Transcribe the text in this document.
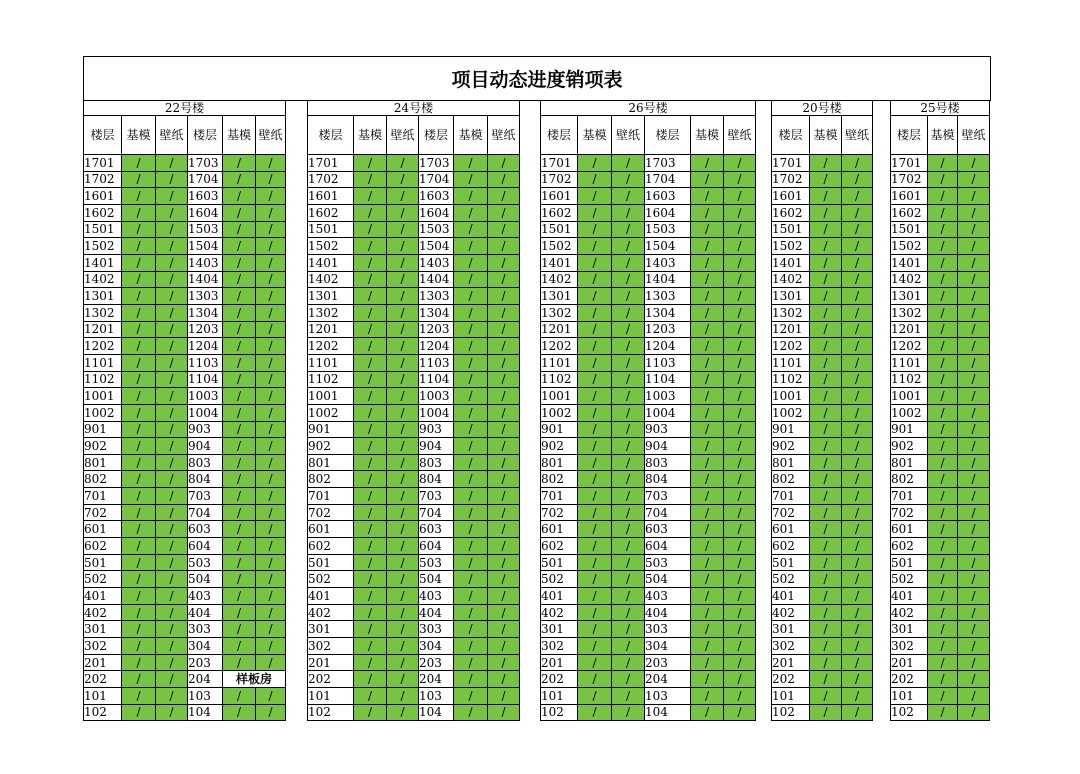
项目动态进度销项表
22号楼					
楼层	基模	壁纸	楼层	基模	壁纸
1701	/	/	1703	/	/
1702	/	/	1704	/	/
1601	/	/	1603	/	/
1602	/	/	1604	/	/
1501	/	/	1503	/	/
1502	/	/	1504	/	/
1401	/	/	1403	/	/
1402	/	/	1404	/	/
1301	/	/	1303	/	/
1302	/	/	1304	/	/
1201	/	/	1203	/	/
1202	/	/	1204	/	/
1101	/	/	1103	/	/
1102	/	/	1104	/	/
1001	/	/	1003	/	/
1002	/	/	1004	/	/
901	/	/	903	/	/
902	/	/	904	/	/
801	/	/	803	/	/
802	/	/	804	/	/
701	/	/	703	/	/
702	/	/	704	/	/
601	/	/	603	/	/
602	/	/	604	/	/
501	/	/	503	/	/
502	/	/	504	/	/
401	/	/	403	/	/
402	/	/	404	/	/
301	/	/	303	/	/
302	/	/	304	/	/
201	/	/	203	/	/
202	/	/	204	样板房	
101	/	/	103	/	/
102	/	/	104	/	/
24号楼					
楼层	基模	壁纸	楼层	基模	壁纸
1701	/	/	1703	/	/
1702	/	/	1704	/	/
1601	/	/	1603	/	/
1602	/	/	1604	/	/
1501	/	/	1503	/	/
1502	/	/	1504	/	/
1401	/	/	1403	/	/
1402	/	/	1404	/	/
1301	/	/	1303	/	/
1302	/	/	1304	/	/
1201	/	/	1203	/	/
1202	/	/	1204	/	/
1101	/	/	1103	/	/
1102	/	/	1104	/	/
1001	/	/	1003	/	/
1002	/	/	1004	/	/
901	/	/	903	/	/
902	/	/	904	/	/
801	/	/	803	/	/
802	/	/	804	/	/
701	/	/	703	/	/
702	/	/	704	/	/
601	/	/	603	/	/
602	/	/	604	/	/
501	/	/	503	/	/
502	/	/	504	/	/
401	/	/	403	/	/
402	/	/	404	/	/
301	/	/	303	/	/
302	/	/	304	/	/
201	/	/	203	/	/
202	/	/	204	/	/
101	/	/	103	/	/
102	/	/	104	/	/
26号楼					
楼层	基模	壁纸	楼层	基模	壁纸
1701	/	/	1703	/	/
1702	/	/	1704	/	/
1601	/	/	1603	/	/
1602	/	/	1604	/	/
1501	/	/	1503	/	/
1502	/	/	1504	/	/
1401	/	/	1403	/	/
1402	/	/	1404	/	/
1301	/	/	1303	/	/
1302	/	/	1304	/	/
1201	/	/	1203	/	/
1202	/	/	1204	/	/
1101	/	/	1103	/	/
1102	/	/	1104	/	/
1001	/	/	1003	/	/
1002	/	/	1004	/	/
901	/	/	903	/	/
902	/	/	904	/	/
801	/	/	803	/	/
802	/	/	804	/	/
701	/	/	703	/	/
702	/	/	704	/	/
601	/	/	603	/	/
602	/	/	604	/	/
501	/	/	503	/	/
502	/	/	504	/	/
401	/	/	403	/	/
402	/	/	404	/	/
301	/	/	303	/	/
302	/	/	304	/	/
201	/	/	203	/	/
202	/	/	204	/	/
101	/	/	103	/	/
102	/	/	104	/	/
20号楼		
楼层	基模	壁纸
1701	/	/
1702	/	/
1601	/	/
1602	/	/
1501	/	/
1502	/	/
1401	/	/
1402	/	/
1301	/	/
1302	/	/
1201	/	/
1202	/	/
1101	/	/
1102	/	/
1001	/	/
1002	/	/
901	/	/
902	/	/
801	/	/
802	/	/
701	/	/
702	/	/
601	/	/
602	/	/
501	/	/
502	/	/
401	/	/
402	/	/
301	/	/
302	/	/
201	/	/
202	/	/
101	/	/
102	/	/
25号楼		
楼层	基模	壁纸
1701	/	/
1702	/	/
1601	/	/
1602	/	/
1501	/	/
1502	/	/
1401	/	/
1402	/	/
1301	/	/
1302	/	/
1201	/	/
1202	/	/
1101	/	/
1102	/	/
1001	/	/
1002	/	/
901	/	/
902	/	/
801	/	/
802	/	/
701	/	/
702	/	/
601	/	/
602	/	/
501	/	/
502	/	/
401	/	/
402	/	/
301	/	/
302	/	/
201	/	/
202	/	/
101	/	/
102	/	/
